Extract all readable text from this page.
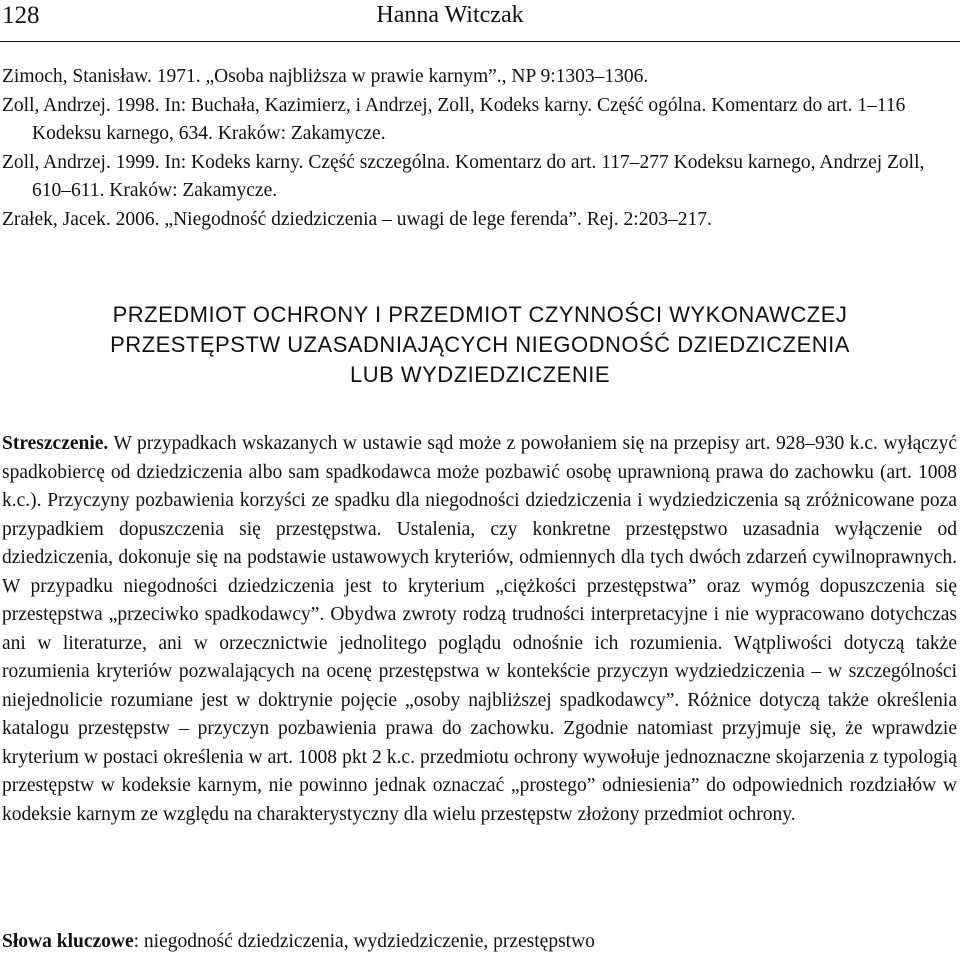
128	Hanna Witczak

Zimoch, Stanisław. 1971. „Osoba najbliższa w prawie karnym”., NP 9:1303–1306.

Zoll, Andrzej. 1998. In: Buchała, Kazimierz, i Andrzej, Zoll, Kodeks karny. Część ogólna. Komentarz do art. 1–116 Kodeksu karnego, 634. Kraków: Zakamycze.

Zoll, Andrzej. 1999. In: Kodeks karny. Część szczególna. Komentarz do art. 117–277 Kodeksu karnego, Andrzej Zoll, 610–611. Kraków: Zakamycze.

Zrałek, Jacek. 2006. „Niegodność dziedziczenia – uwagi de lege ferenda”. Rej. 2:203–217.

PRZEDMIOT OCHRONY I PRZEDMIOT CZYNNOŚCI WYKONAWCZEJ
PRZESTĘPSTW UZASADNIAJĄCYCH NIEGODNOŚĆ DZIEDZICZENIA
LUB WYDZIEDZICZENIE
Streszczenie. W przypadkach wskazanych w ustawie sąd może z powołaniem się na przepisy art. 928–930 k.c. wyłączyć spadkobiercę od dziedziczenia albo sam spadkodawca może pozbawić osobę uprawnioną prawa do zachowku (art. 1008 k.c.). Przyczyny pozbawienia korzyści ze spadku dla niegodności dziedziczenia i wydziedziczenia są zróżnicowane poza przypadkiem dopuszczenia się przestępstwa. Ustalenia, czy konkretne przestępstwo uzasadnia wyłączenie od dziedziczenia, dokonuje się na podstawie ustawowych kryteriów, odmiennych dla tych dwóch zdarzeń cywilnoprawnych. W przypadku niegodności dziedziczenia jest to kryterium „ciężkości przestępstwa” oraz wymóg dopuszczenia się przestępstwa „przeciwko spadkodawcy”. Obydwa zwroty rodzą trudności interpretacyjne i nie wypracowano dotychczas ani w literaturze, ani w orzecznictwie jednolitego poglądu odnośnie ich rozumienia. Wątpliwości dotyczą także rozumienia kryteriów pozwalających na ocenę przestępstwa w kontekście przyczyn wydziedziczenia – w szczególności niejednolicie rozumiane jest w doktrynie pojęcie „osoby najbliższej spadkodawcy”. Różnice dotyczą także określenia katalogu przestępstw – przyczyn pozbawienia prawa do zachowku. Zgodnie natomiast przyjmuje się, że wprawdzie kryterium w postaci określenia w art. 1008 pkt 2 k.c. przedmiotu ochrony wywołuje jednoznaczne skojarzenia z typologią przestępstw w kodeksie karnym, nie powinno jednak oznaczać „prostego” odniesienia” do odpowiednich rozdziałów w kodeksie karnym ze względu na charakterystyczny dla wielu przestępstw złożony przedmiot ochrony.
Słowa kluczowe: niegodność dziedziczenia, wydziedziczenie, przestępstwo
